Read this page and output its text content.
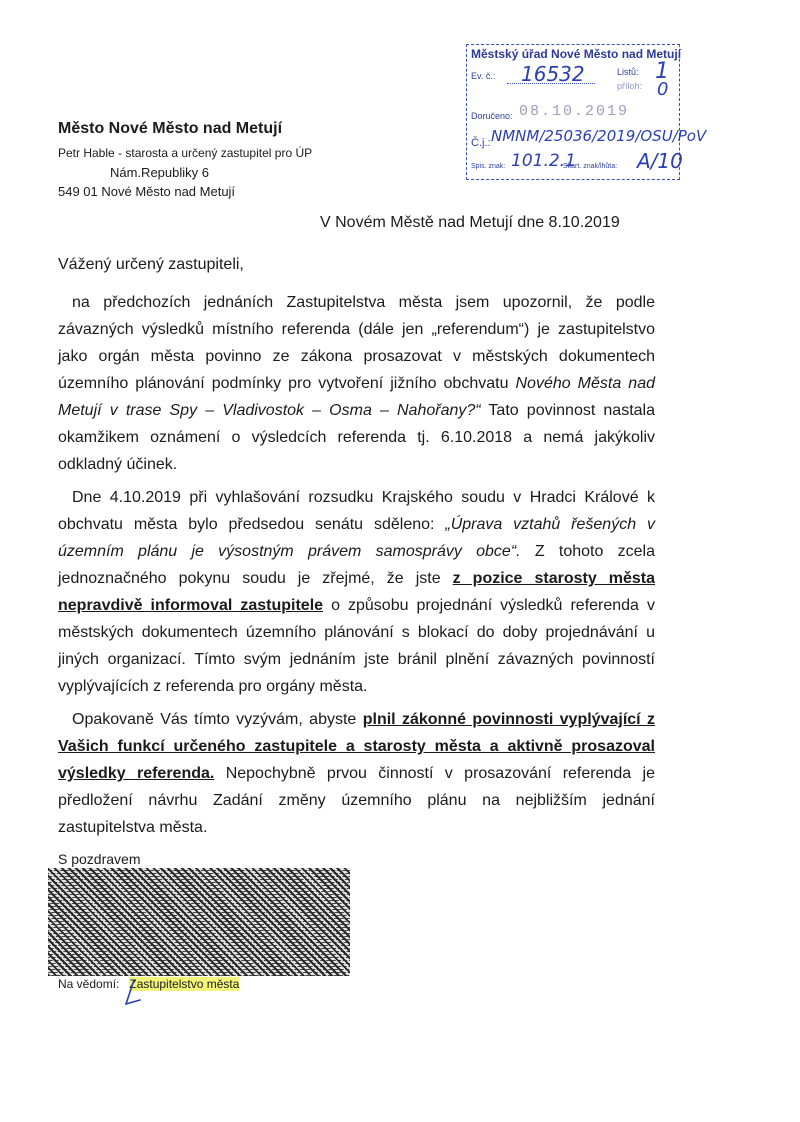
Městský úřad Nové Město nad Metují
Ev. č.:	16532	Listů: 1
příloh: 0
Doručeno: 08.10.2019
Č.j.: NMNM/25036/2019/OSU/PoV
Spis. znak: 101.2.1
Skart. znak/lhůta: A/10
Město Nové Město nad Metují
Petr Hable - starosta a určený zastupitel pro ÚP
Nám.Republiky 6
549 01 Nové Město nad Metují
V Novém Městě nad Metují dne 8.10.2019
Vážený určený zastupiteli,

na předchozích jednáních Zastupitelstva města jsem upozornil, že podle závazných výsledků místního referenda (dále jen „referendum“) je zastupitelstvo jako orgán města povinno ze zákona prosazovat v městských dokumentech územního plánování podmínky pro vytvoření jižního obchvatu Nového Města nad Metují v trase Spy – Vladivostok – Osma – Nahořany?“ Tato povinnost nastala okamžikem oznámení o výsledcích referenda tj. 6.10.2018 a nemá jakýkoliv odkladný účinek.

Dne 4.10.2019 při vyhlašování rozsudku Krajského soudu v Hradci Králové k obchvatu města bylo předsedou senátu sděleno: „Úprava vztahů řešených v územním plánu je výsostným právem samosprávy obce“. Z tohoto zcela jednoznačného pokynu soudu je zřejmé, že jste z pozice starosty města nepravdivě informoval zastupitele o způsobu projednání výsledků referenda v městských dokumentech územního plánování s blokací do doby projednávání u jiných organizací. Tímto svým jednáním jste bránil plnění závazných povinností vyplývajících z referenda pro orgány města.

Opakovaně Vás tímto vyzývám, abyste plnil zákonné povinnosti vyplývající z Vašich funkcí určeného zastupitele a starosty města a aktivně prosazoval výsledky referenda. Nepochybně prvou činností v prosazování referenda je předložení návrhu Zadání změny územního plánu na nejbližším jednání zastupitelstva města.

S pozdravem
Na vědomí: Zastupitelstvo města
